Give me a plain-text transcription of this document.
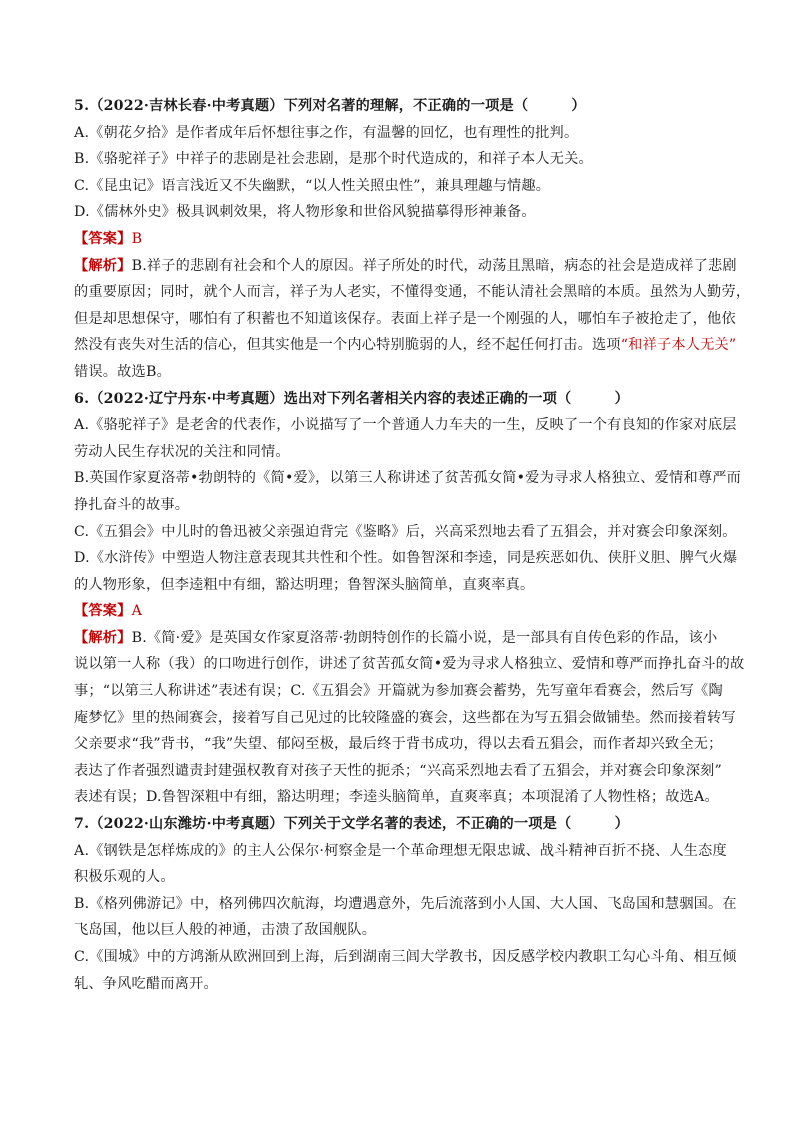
5.（2022·吉林长春·中考真题）下列对名著的理解，不正确的一项是（　　　）
A.《朝花夕拾》是作者成年后怀想往事之作，有温馨的回忆，也有理性的批判。
B.《骆驼祥子》中祥子的悲剧是社会悲剧，是那个时代造成的，和祥子本人无关。
C.《昆虫记》语言浅近又不失幽默，“以人性关照虫性”，兼具理趣与情趣。
D.《儒林外史》极具讽刺效果，将人物形象和世俗风貌描摹得形神兼备。
【答案】B
【解析】B.祥子的悲剧有社会和个人的原因。祥子所处的时代，动荡且黑暗，病态的社会是造成祥了悲剧
的重要原因；同时，就个人而言，祥子为人老实，不懂得变通，不能认清社会黑暗的本质。虽然为人勤劳，
但是却思想保守，哪怕有了积蓄也不知道该保存。表面上祥子是一个刚强的人，哪怕车子被抢走了，他依
然没有丧失对生活的信心，但其实他是一个内心特别脆弱的人，经不起任何打击。选项“和祥子本人无关”
错误。故选B。
6.（2022·辽宁丹东·中考真题）选出对下列名著相关内容的表述正确的一项（　　　）
A.《骆驼祥子》是老舍的代表作，小说描写了一个普通人力车夫的一生，反映了一个有良知的作家对底层
劳动人民生存状况的关注和同情。
B.英国作家夏洛蒂•勃朗特的《简•爱》，以第三人称讲述了贫苦孤女简•爱为寻求人格独立、爱情和尊严而
挣扎奋斗的故事。
C.《五猖会》中儿时的鲁迅被父亲强迫背完《鉴略》后，兴高采烈地去看了五猖会，并对赛会印象深刻。
D.《水浒传》中塑造人物注意表现其共性和个性。如鲁智深和李逵，同是疾恶如仇、侠肝义胆、脾气火爆
的人物形象，但李逵粗中有细，豁达明理；鲁智深头脑简单，直爽率真。
【答案】A
【解析】B.《简·爱》是英国女作家夏洛蒂·勃朗特创作的长篇小说，是一部具有自传色彩的作品，该小
说以第一人称（我）的口吻进行创作，讲述了贫苦孤女简•爱为寻求人格独立、爱情和尊严而挣扎奋斗的故
事；“以第三人称讲述”表述有误；C.《五猖会》开篇就为参加赛会蓄势，先写童年看赛会，然后写《陶
庵梦忆》里的热闹赛会，接着写自己见过的比较隆盛的赛会，这些都在为写五猖会做铺垫。然而接着转写
父亲要求“我”背书，“我”失望、郁闷至极，最后终于背书成功，得以去看五猖会，而作者却兴致全无；
表达了作者强烈谴责封建强权教育对孩子天性的扼杀；“兴高采烈地去看了五猖会，并对赛会印象深刻”
表述有误；D.鲁智深粗中有细，豁达明理；李逵头脑简单，直爽率真；本项混淆了人物性格；故选A。
7.（2022·山东潍坊·中考真题）下列关于文学名著的表述，不正确的一项是（　　　）
A.《钢铁是怎样炼成的》的主人公保尔·柯察金是一个革命理想无限忠诚、战斗精神百折不挠、人生态度
积极乐观的人。
B.《格列佛游记》中，格列佛四次航海，均遭遇意外，先后流落到小人国、大人国、飞岛国和慧骃国。在
飞岛国，他以巨人般的神通，击溃了敌国舰队。
C.《围城》中的方鸿渐从欧洲回到上海，后到湖南三闾大学教书，因反感学校内教职工勾心斗角、相互倾
轧、争风吃醋而离开。
